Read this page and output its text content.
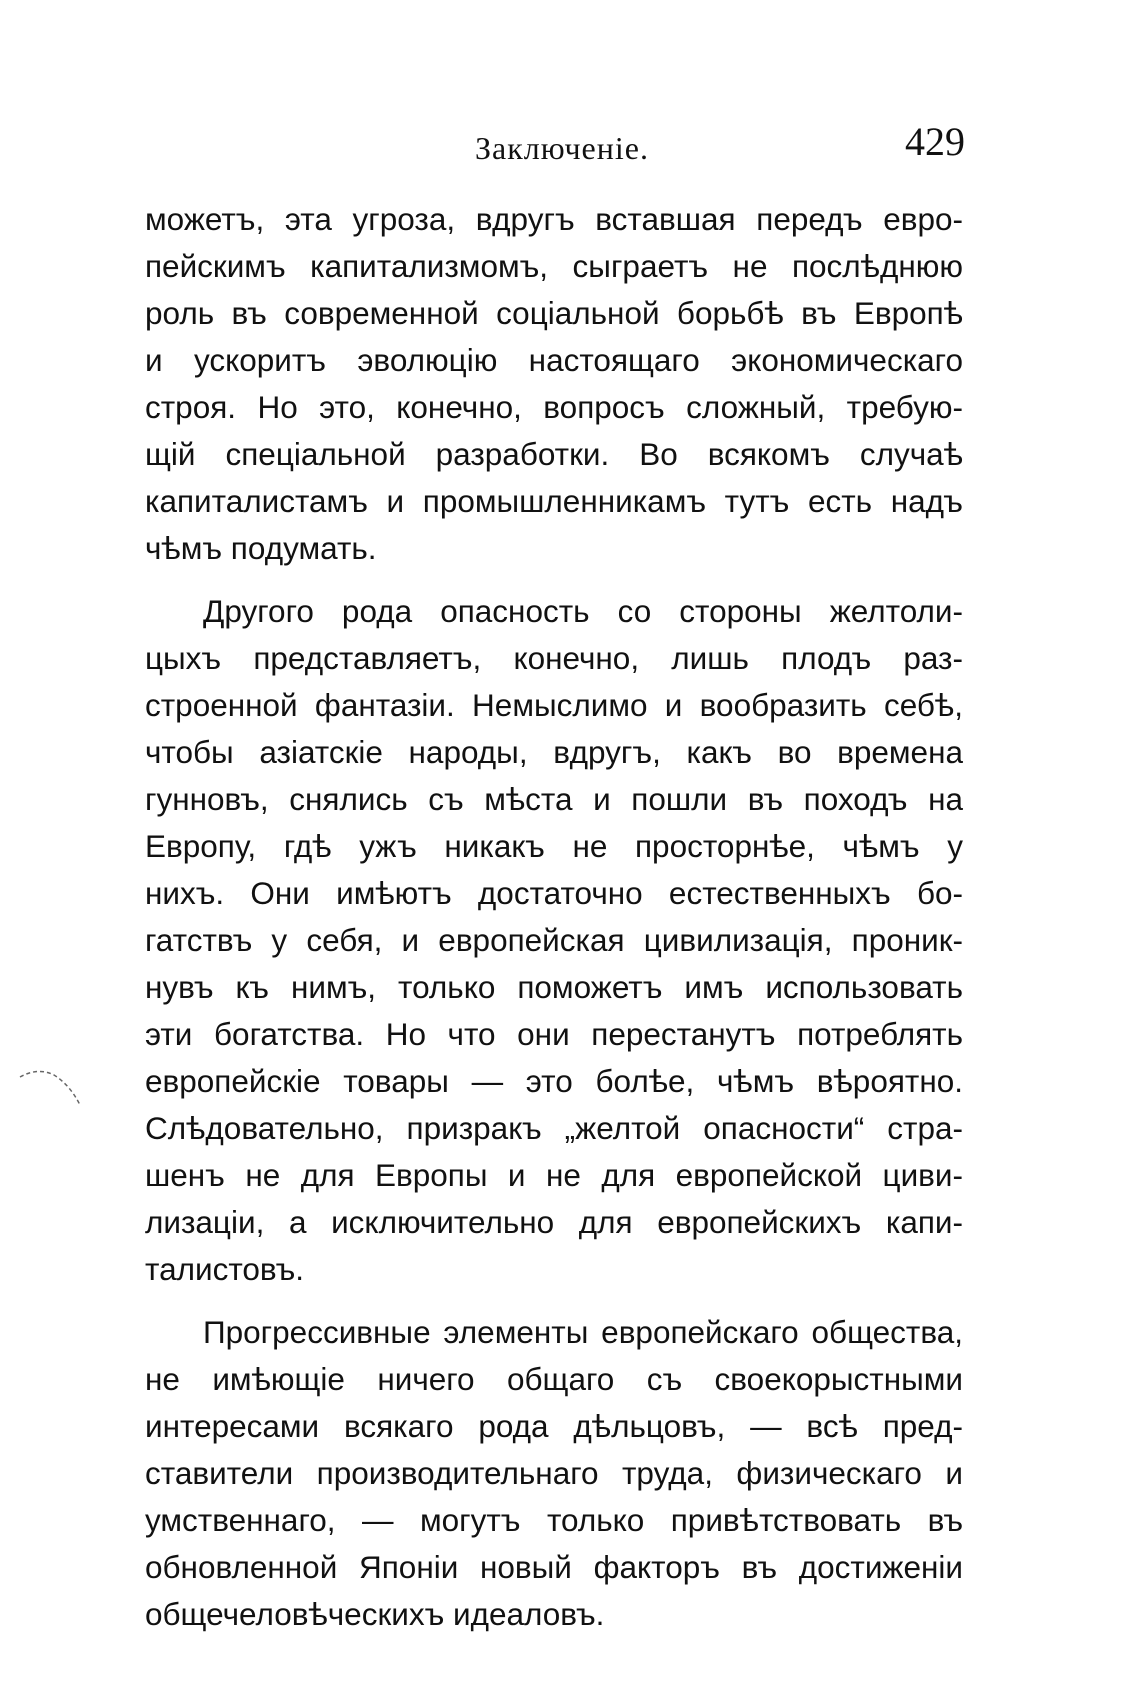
Заключеніе.	429
можетъ, эта угроза, вдругъ вставшая передъ евро-
пейскимъ капитализмомъ, сыграетъ не послѣднюю
роль въ современной соціальной борьбѣ въ Европѣ
и ускоритъ эволюцію настоящаго экономическаго
строя. Но это, конечно, вопросъ сложный, требую-
щій спеціальной разработки. Во всякомъ случаѣ
капиталистамъ и промышленникамъ тутъ есть надъ
чѣмъ подумать.
Другого рода опасность со стороны желтоли-
цыхъ представляетъ, конечно, лишь плодъ раз-
строенной фантазіи. Немыслимо и вообразить себѣ,
чтобы азіатскіе народы, вдругъ, какъ во времена
гунновъ, снялись съ мѣста и пошли въ походъ на
Европу, гдѣ ужъ никакъ не просторнѣе, чѣмъ у
нихъ. Они имѣютъ достаточно естественныхъ бо-
гатствъ у себя, и европейская цивилизація, проник-
нувъ къ нимъ, только поможетъ имъ использовать
эти богатства. Но что они перестанутъ потреблять
европейскіе товары — это болѣе, чѣмъ вѣроятно.
Слѣдовательно, призракъ „желтой опасности“ стра-
шенъ не для Европы и не для европейской циви-
лизаціи, а исключительно для европейскихъ капи-
талистовъ.
Прогрессивные элементы европейскаго общества,
не имѣющіе ничего общаго съ своекорыстными
интересами всякаго рода дѣльцовъ, — всѣ пред-
ставители производительнаго труда, физическаго и
умственнаго, — могутъ только привѣтствовать въ
обновленной Японіи новый факторъ въ достиженіи
общечеловѣческихъ идеаловъ.
